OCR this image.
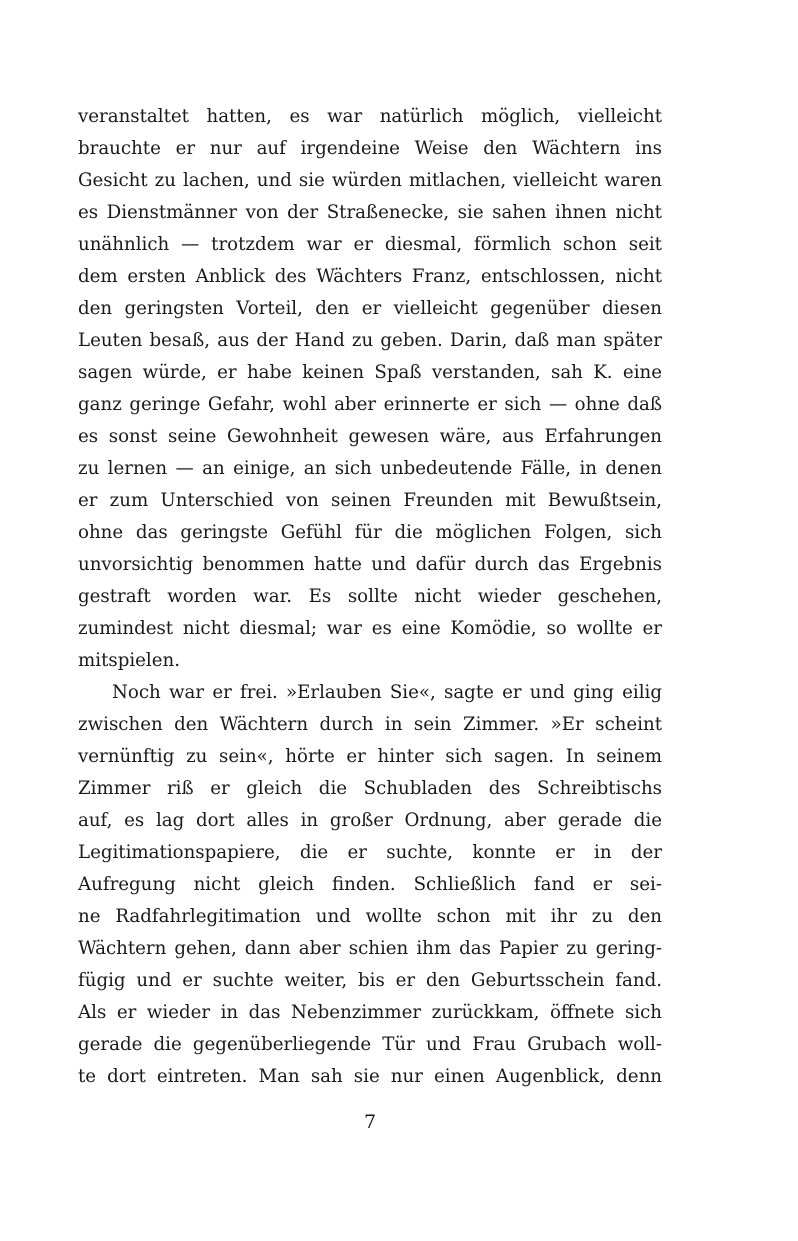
veranstaltet hatten, es war natürlich möglich, vielleicht
brauchte er nur auf irgendeine Weise den Wächtern ins
Gesicht zu lachen, und sie würden mitlachen, vielleicht waren
es Dienstmänner von der Straßenecke, sie sahen ihnen nicht
unähnlich — trotzdem war er diesmal, förmlich schon seit
dem ersten Anblick des Wächters Franz, entschlossen, nicht
den geringsten Vorteil, den er vielleicht gegenüber diesen
Leuten besaß, aus der Hand zu geben. Darin, daß man später
sagen würde, er habe keinen Spaß verstanden, sah K. eine
ganz geringe Gefahr, wohl aber erinnerte er sich — ohne daß
es sonst seine Gewohnheit gewesen wäre, aus Erfahrungen
zu lernen — an einige, an sich unbedeutende Fälle, in denen
er zum Unterschied von seinen Freunden mit Bewußtsein,
ohne das geringste Gefühl für die möglichen Folgen, sich
unvorsichtig benommen hatte und dafür durch das Ergebnis
gestraft worden war. Es sollte nicht wieder geschehen,
zumindest nicht diesmal; war es eine Komödie, so wollte er
mitspielen.
Noch war er frei. »Erlauben Sie«, sagte er und ging eilig
zwischen den Wächtern durch in sein Zimmer. »Er scheint
vernünftig zu sein«, hörte er hinter sich sagen. In seinem
Zimmer riß er gleich die Schubladen des Schreibtischs
auf, es lag dort alles in großer Ordnung, aber gerade die
Legitimationspapiere, die er suchte, konnte er in der
Aufregung nicht gleich finden. Schließlich fand er sei-
ne Radfahrlegitimation und wollte schon mit ihr zu den
Wächtern gehen, dann aber schien ihm das Papier zu gering-
fügig und er suchte weiter, bis er den Geburtsschein fand.
Als er wieder in das Nebenzimmer zurückkam, öffnete sich
gerade die gegenüberliegende Tür und Frau Grubach woll-
te dort eintreten. Man sah sie nur einen Augenblick, denn
7
